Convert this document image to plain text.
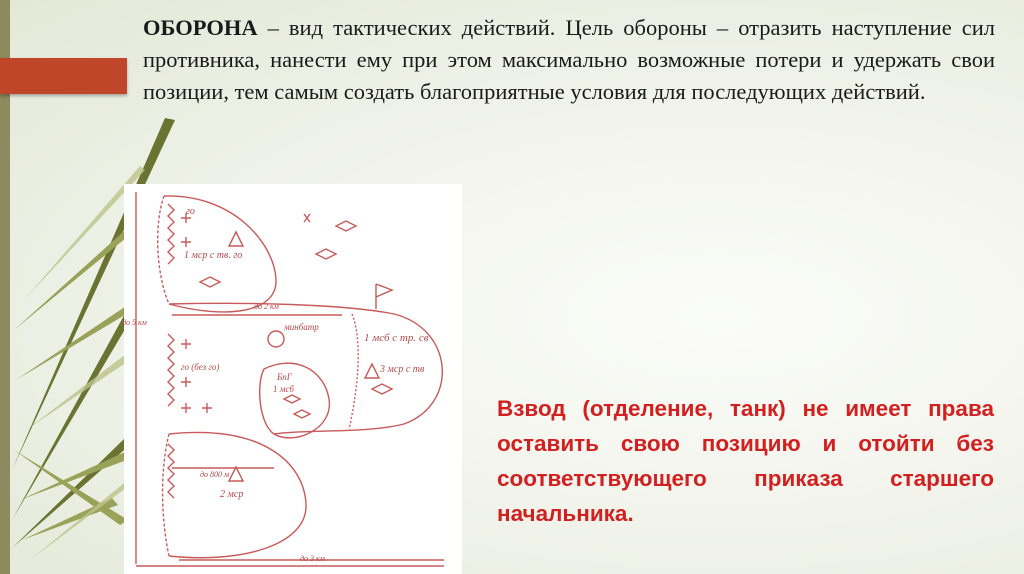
ОБОРОНА – вид тактических действий. Цель обороны – отразить наступление сил противника, нанести ему при этом максимально возможные потери и удержать свои позиции, тем самым создать благоприятные условия для последующих действий.

го
1 мср с тв. го
до 2 км
до 5 км	минбатр
1 мсб с тр. св
го (без го)
БпГ
1 мсб
3 мср с тв
до 800 м
2 мср
до 3 км

Взвод (отделение, танк) не имеет права оставить свою позицию и отойти без соответствующего приказа старшего начальника.
